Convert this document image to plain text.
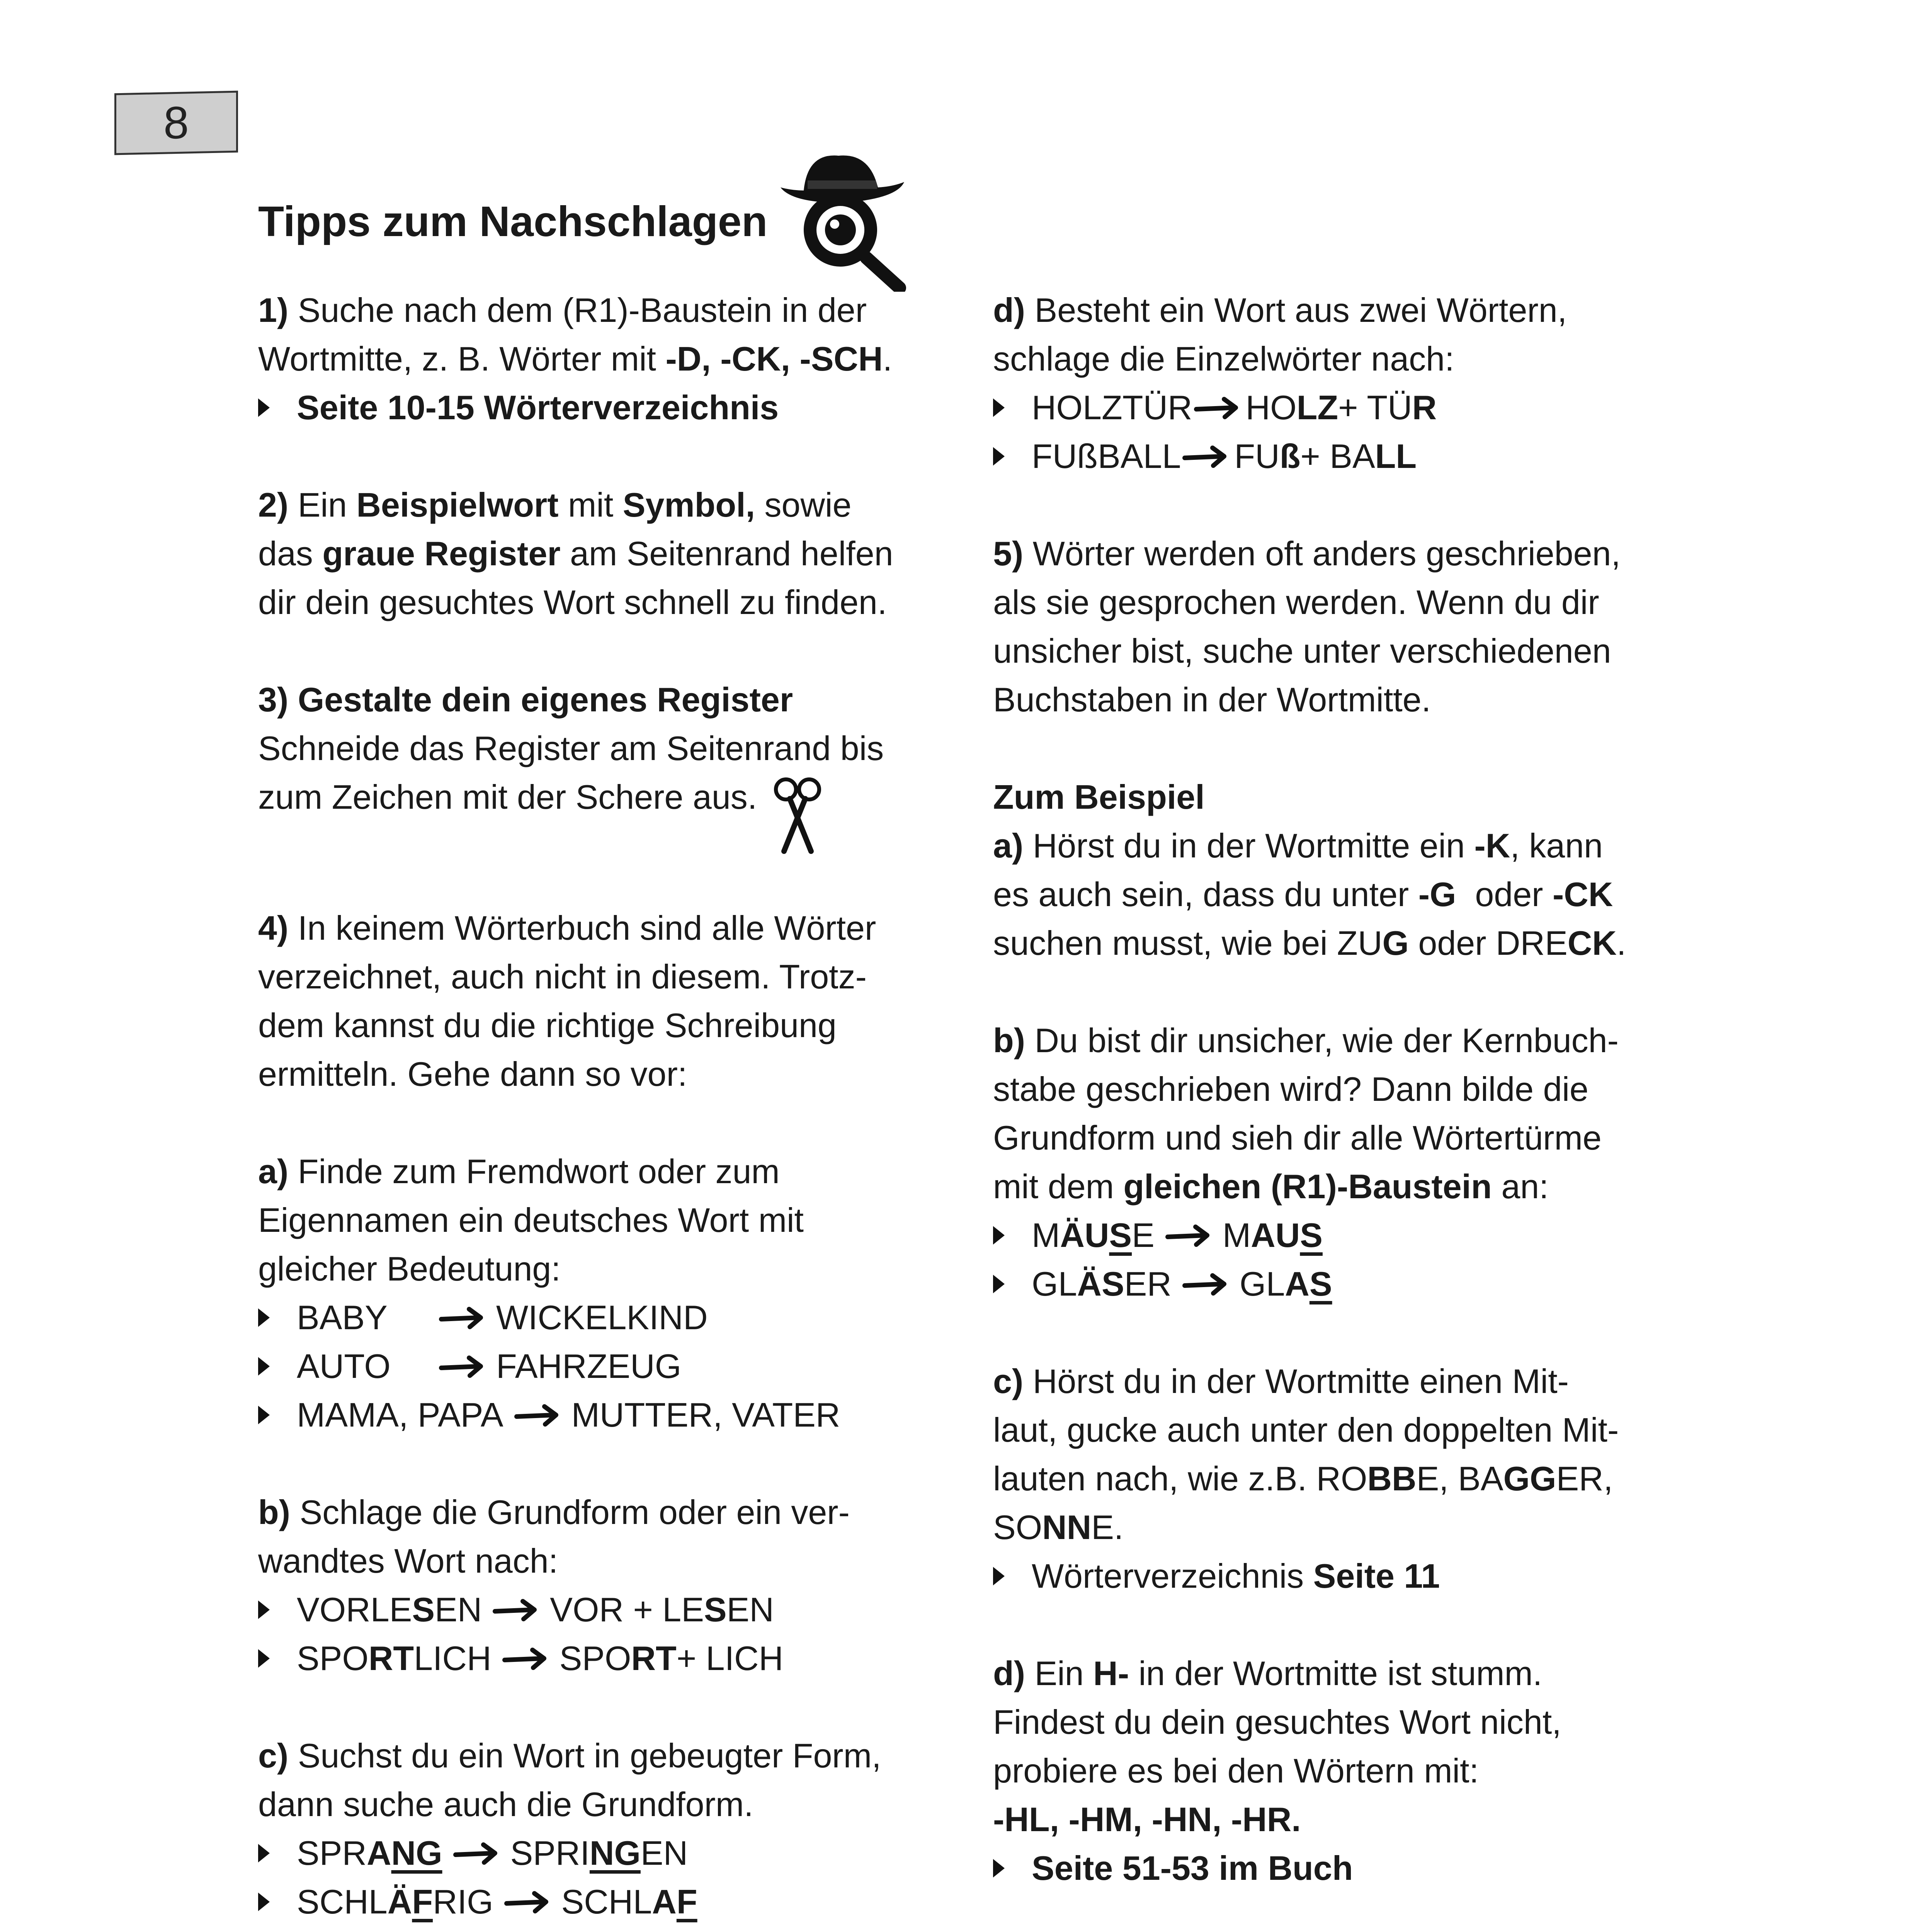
8
Tipps zum Nachschlagen

1) Suche nach dem (R1)-Baustein in der

Wortmitte, z. B. Wörter mit -D, -CK, -SCH.

Seite 10-15 Wörterverzeichnis

2) Ein Beispielwort mit Symbol, sowie

das graue Register am Seitenrand helfen

dir dein gesuchtes Wort schnell zu finden.

3) Gestalte dein eigenes Register

Schneide das Register am Seitenrand bis

zum Zeichen mit der Schere aus.

4) In keinem Wörterbuch sind alle Wörter

verzeichnet, auch nicht in diesem. Trotz-

dem kannst du die richtige Schreibung

ermitteln. Gehe dann so vor:

a) Finde zum Fremdwort oder zum

Eigennamen ein deutsches Wort mit

gleicher Bedeutung:

BABY	WICKELKIND
AUTO	FAHRZEUG
MAMA, PAPA MUTTER, VATER

b) Schlage die Grundform oder ein ver-

wandtes Wort nach:

VORLE S EN VOR + LE S EN
SPO RT LICH SPO RT + LICH

c) Suchst du ein Wort in gebeugter Form,

dann suche auch die Grundform.

SPR A NG SPRI NG EN
SCHL Ä F RIG SCHL A F

d) Besteht ein Wort aus zwei Wörtern,

schlage die Einzelwörter nach:

HOLZTÜR HO LZ + TÜ R
FUßBALL FU ß + BA LL

5) Wörter werden oft anders geschrieben,

als sie gesprochen werden. Wenn du dir

unsicher bist, suche unter verschiedenen

Buchstaben in der Wortmitte.

Zum Beispiel

a) Hörst du in der Wortmitte ein -K, kann

es auch sein, dass du unter -G  oder -CK

suchen musst, wie bei ZUG oder DRECK.

b) Du bist dir unsicher, wie der Kernbuch-

stabe geschrieben wird? Dann bilde die

Grundform und sieh dir alle Wörtertürme

mit dem gleichen (R1)-Baustein an:

M ÄU S E M AU S
GL Ä S ER GL A S

c) Hörst du in der Wortmitte einen Mit-

laut, gucke auch unter den doppelten Mit-

lauten nach, wie z.B. ROBBE, BAGGER,

SONNE.

Wörterverzeichnis Seite 11

d) Ein H- in der Wortmitte ist stumm.

Findest du dein gesuchtes Wort nicht,

probiere es bei den Wörtern mit:

-HL, -HM, -HN, -HR.

Seite 51-53 im Buch
